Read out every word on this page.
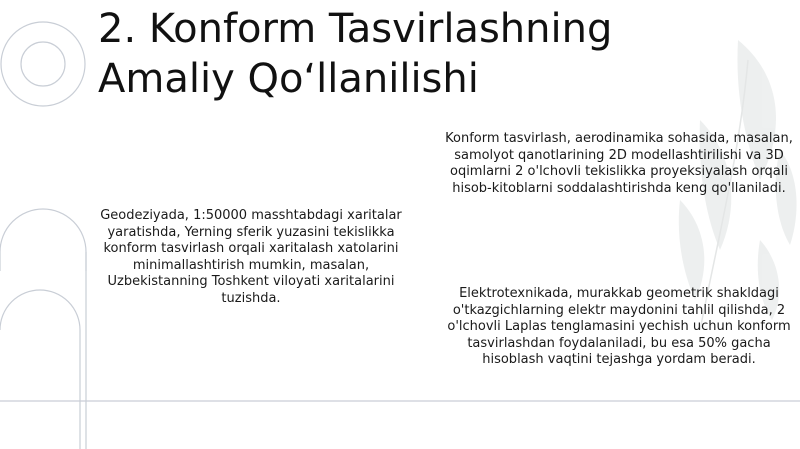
2. Konform Tasvirlashning
Amaliy Qo‘llanilishi

Geodeziyada, 1:50000 masshtabdagi xaritalar yaratishda, Yerning sferik yuzasini tekislikka konform tasvirlash orqali xaritalash xatolarini minimallashtirish mumkin, masalan, Uzbekistanning Toshkent viloyati xaritalarini tuzishda.

Konform tasvirlash, aerodinamika sohasida, masalan, samolyot qanotlarining 2D modellashtirilishi va 3D oqimlarni 2 o'lchovli tekislikka proyeksiyalash orqali hisob-kitoblarni soddalashtirishda keng qo'llaniladi.

Elektrotexnikada, murakkab geometrik shakldagi o'tkazgichlarning elektr maydonini tahlil qilishda, 2 o'lchovli Laplas tenglamasini yechish uchun konform tasvirlashdan foydalaniladi, bu esa 50% gacha hisoblash vaqtini tejashga yordam beradi.
